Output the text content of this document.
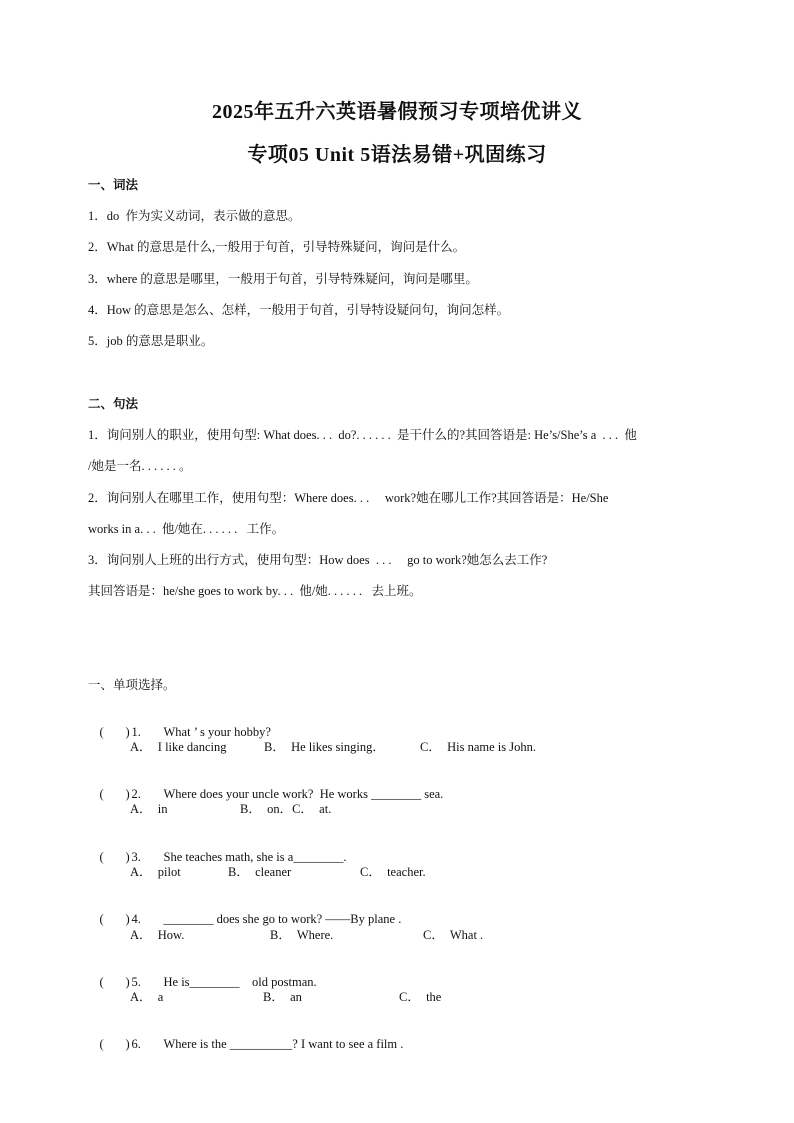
2025年五升六英语暑假预习专项培优讲义
专项05 Unit 5语法易错+巩固练习
一、词法
1．do  作为实义动词，表示做的意思。
2．What 的意思是什么,一般用于句首，引导特殊疑问，询问是什么。
3．where 的意思是哪里，一般用于句首，引导特殊疑问，询问是哪里。
4．How 的意思是怎么、怎样，一般用于句首，引导特设疑问句，询问怎样。
5．job 的意思是职业。
二、句法
1．询问别人的职业，使用句型: What does. . .  do?. . . . . .  是干什么的?其回答语是: He’s/She’s a  . . .  他
/她是一名. . . . . . 。
2．询问别人在哪里工作，使用句型：Where does. . .     work?她在哪儿工作?其回答语是：He/She
works in a. . .  他/她在. . . . . .   工作。
3．询问别人上班的出行方式，使用句型：How does  . . .     go to work?她怎么去工作?
其回答语是：he/she goes to work by. . .  他/她. . . . . .   去上班。
一、单项选择。

(       ) 1. What ’ s your hobby?

A．  I like dancing

	B．  He likes singing．

	C．  His name is John.

(       ) 2. Where does your uncle work?  He works ________ sea.

A．  in

	B．  on．C．  at.

(       ) 3. She teaches math, she is a________.

A．  pilot

	B．  cleaner

	C．  teacher.

(       ) 4. ________ does she go to work? ——By plane .

A．  How.

	B．  Where.

	C．  What .

(       ) 5. He is________    old postman.

A．  a

	B．  an

	C．  the

(       ) 6. Where is the __________? I want to see a film .
